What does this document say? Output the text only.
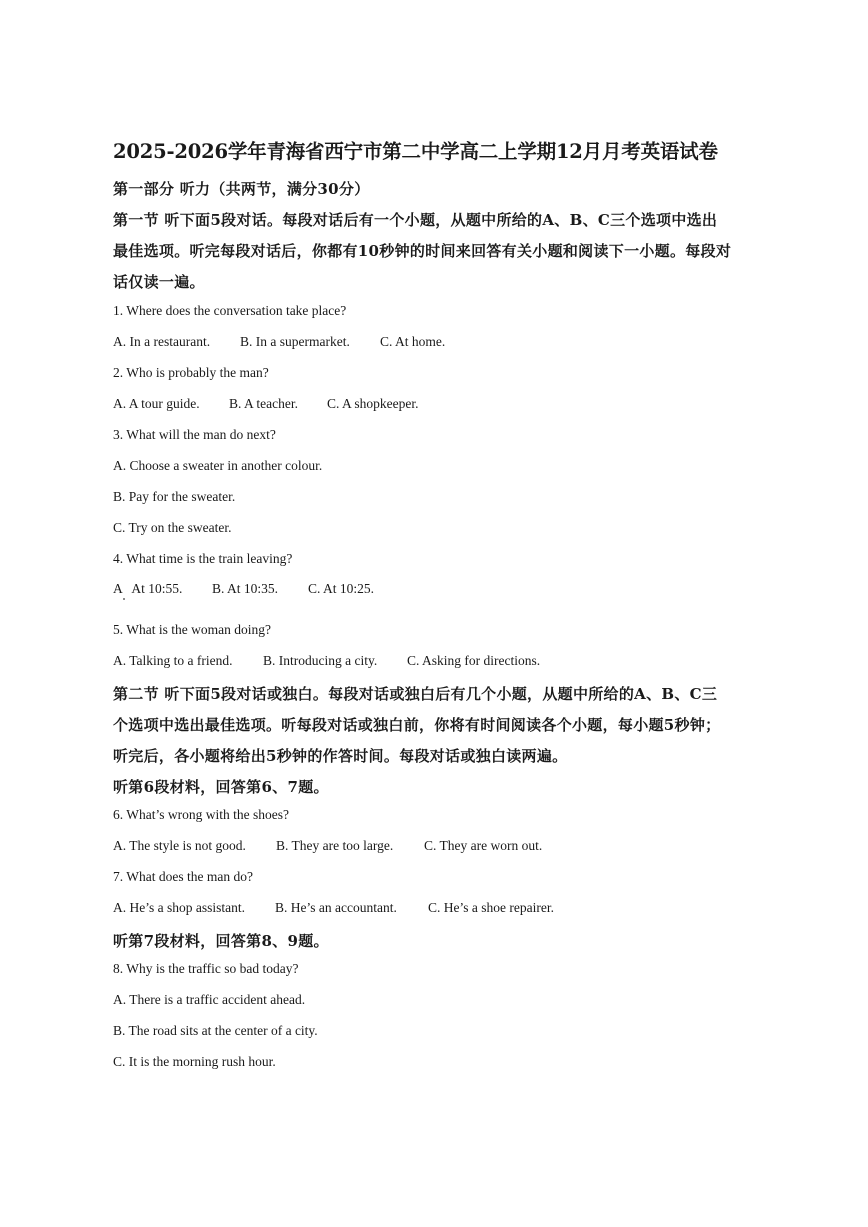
2025-2026学年青海省西宁市第二中学高二上学期12月月考英语试卷
第一部分 听力（共两节，满分30分）
第一节 听下面5段对话。每段对话后有一个小题，从题中所给的A、B、C三个选项中选出
最佳选项。听完每段对话后，你都有10秒钟的时间来回答有关小题和阅读下一小题。每段对
话仅读一遍。
1. Where does the conversation take place?
A. In a restaurant. B. In a supermarket. C. At home.
2. Who is probably the man?
A. A tour guide. B. A teacher. C. A shopkeeper.
3. What will the man do next?
A. Choose a sweater in another colour.
B. Pay for the sweater.
C. Try on the sweater.
4. What time is the train leaving?
A   At 10:55. B. At 10:35. C. At 10:25.
5. What is the woman doing?
A. Talking to a friend. B. Introducing a city. C. Asking for directions.
第二节 听下面5段对话或独白。每段对话或独白后有几个小题，从题中所给的A、B、C三
个选项中选出最佳选项。听每段对话或独白前，你将有时间阅读各个小题，每小题5秒钟；
听完后，各小题将给出5秒钟的作答时间。每段对话或独白读两遍。
听第6段材料，回答第6、7题。
6. What’s wrong with the shoes?
A. The style is not good. B. They are too large. C. They are worn out.
7. What does the man do?
A. He’s a shop assistant. B. He’s an accountant. C. He’s a shoe repairer.
听第7段材料，回答第8、9题。
8. Why is the traffic so bad today?
A. There is a traffic accident ahead.
B. The road sits at the center of a city.
C. It is the morning rush hour.
